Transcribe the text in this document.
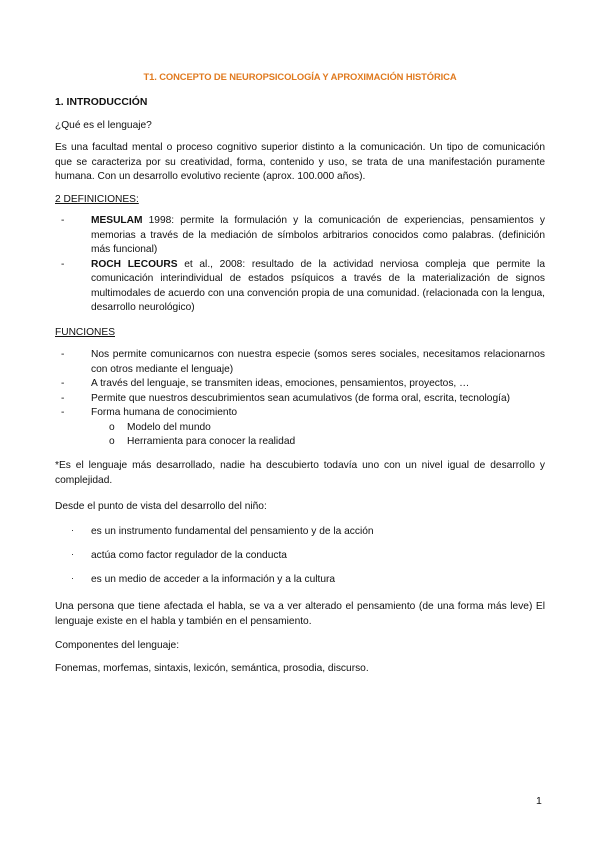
T1. CONCEPTO DE NEUROPSICOLOGÍA Y APROXIMACIÓN HISTÓRICA
1. INTRODUCCIÓN
¿Qué es el lenguaje?
Es una facultad mental o proceso cognitivo superior distinto a la comunicación. Un tipo de comunicación que se caracteriza por su creatividad, forma, contenido y uso, se trata de una manifestación puramente humana. Con un desarrollo evolutivo reciente (aprox. 100.000 años).
2 DEFINICIONES:
-	MESULAM 1998: permite la formulación y la comunicación de experiencias, pensamientos y memorias a través de la mediación de símbolos arbitrarios conocidos como palabras. (definición más funcional)
-	ROCH LECOURS et al., 2008: resultado de la actividad nerviosa compleja que permite la comunicación interindividual de estados psíquicos a través de la materialización de signos multimodales de acuerdo con una convención propia de una comunidad. (relacionada con la lengua, desarrollo neurológico)
FUNCIONES
-	Nos permite comunicarnos con nuestra especie (somos seres sociales, necesitamos relacionarnos con otros mediante el lenguaje)
-	A través del lenguaje, se transmiten ideas, emociones, pensamientos, proyectos, …
-	Permite que nuestros descubrimientos sean acumulativos (de forma oral, escrita, tecnología)
-	Forma humana de conocimiento
o Modelo del mundo
o Herramienta para conocer la realidad
*Es el lenguaje más desarrollado, nadie ha descubierto todavía uno con un nivel igual de desarrollo y complejidad.
Desde el punto de vista del desarrollo del niño:
· es un instrumento fundamental del pensamiento y de la acción
· actúa como factor regulador de la conducta
· es un medio de acceder a la información y a la cultura
Una persona que tiene afectada el habla, se va a ver alterado el pensamiento (de una forma más leve) El lenguaje existe en el habla y también en el pensamiento.
Componentes del lenguaje:
Fonemas, morfemas, sintaxis, lexicón, semántica, prosodia, discurso.
1
